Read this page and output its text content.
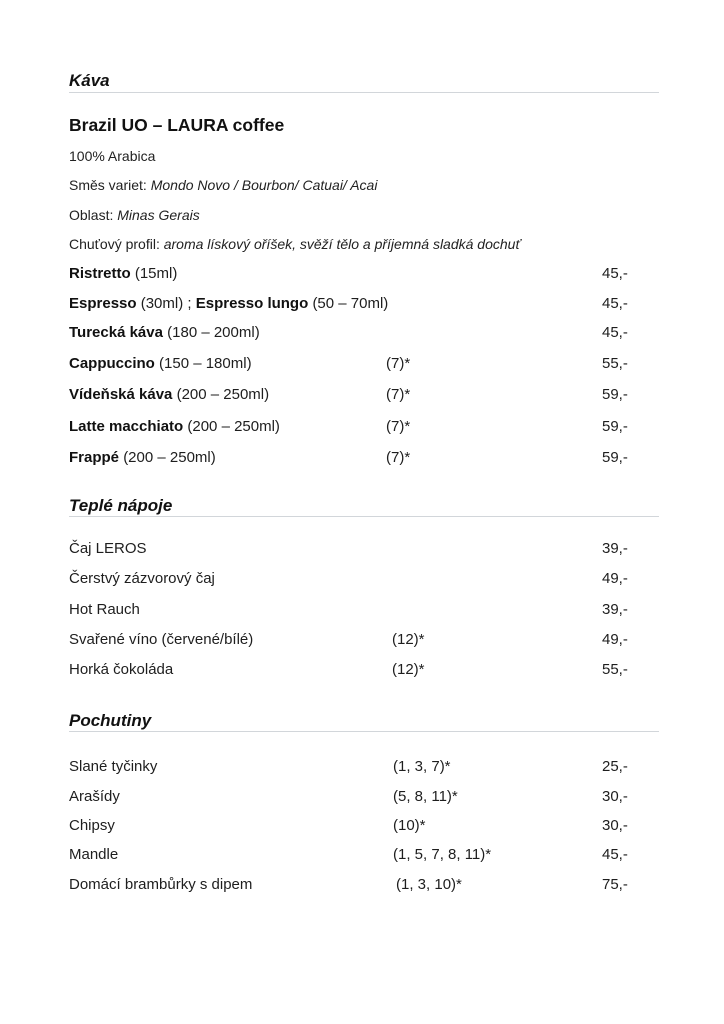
Káva
Brazil UO – LAURA coffee
100% Arabica
Směs variet: Mondo Novo / Bourbon/ Catuai/ Acai
Oblast: Minas Gerais
Chuťový profil: aroma lískový oříšek, svěží tělo a příjemná sladká dochuť
Ristretto (15ml)	45,-
Espresso (30ml) ; Espresso lungo (50 – 70ml)	45,-
Turecká káva (180 – 200ml)	45,-
Cappuccino (150 – 180ml)	(7)*	55,-
Vídeňská káva (200 – 250ml)	(7)*	59,-
Latte macchiato (200 – 250ml)	(7)*	59,-
Frappé (200 – 250ml)	(7)*	59,-
Teplé nápoje
Čaj LEROS	39,-
Čerstvý zázvorový čaj	49,-
Hot Rauch	39,-
Svařené víno (červené/bílé)	(12)*	49,-
Horká čokoláda	(12)*	55,-
Pochutiny
Slané tyčinky	(1, 3, 7)*	25,-
Arašídy	(5, 8, 11)*	30,-
Chipsy	(10)*	30,-
Mandle	(1, 5, 7, 8, 11)*	45,-
Domácí brambůrky s dipem	(1, 3, 10)*	75,-
